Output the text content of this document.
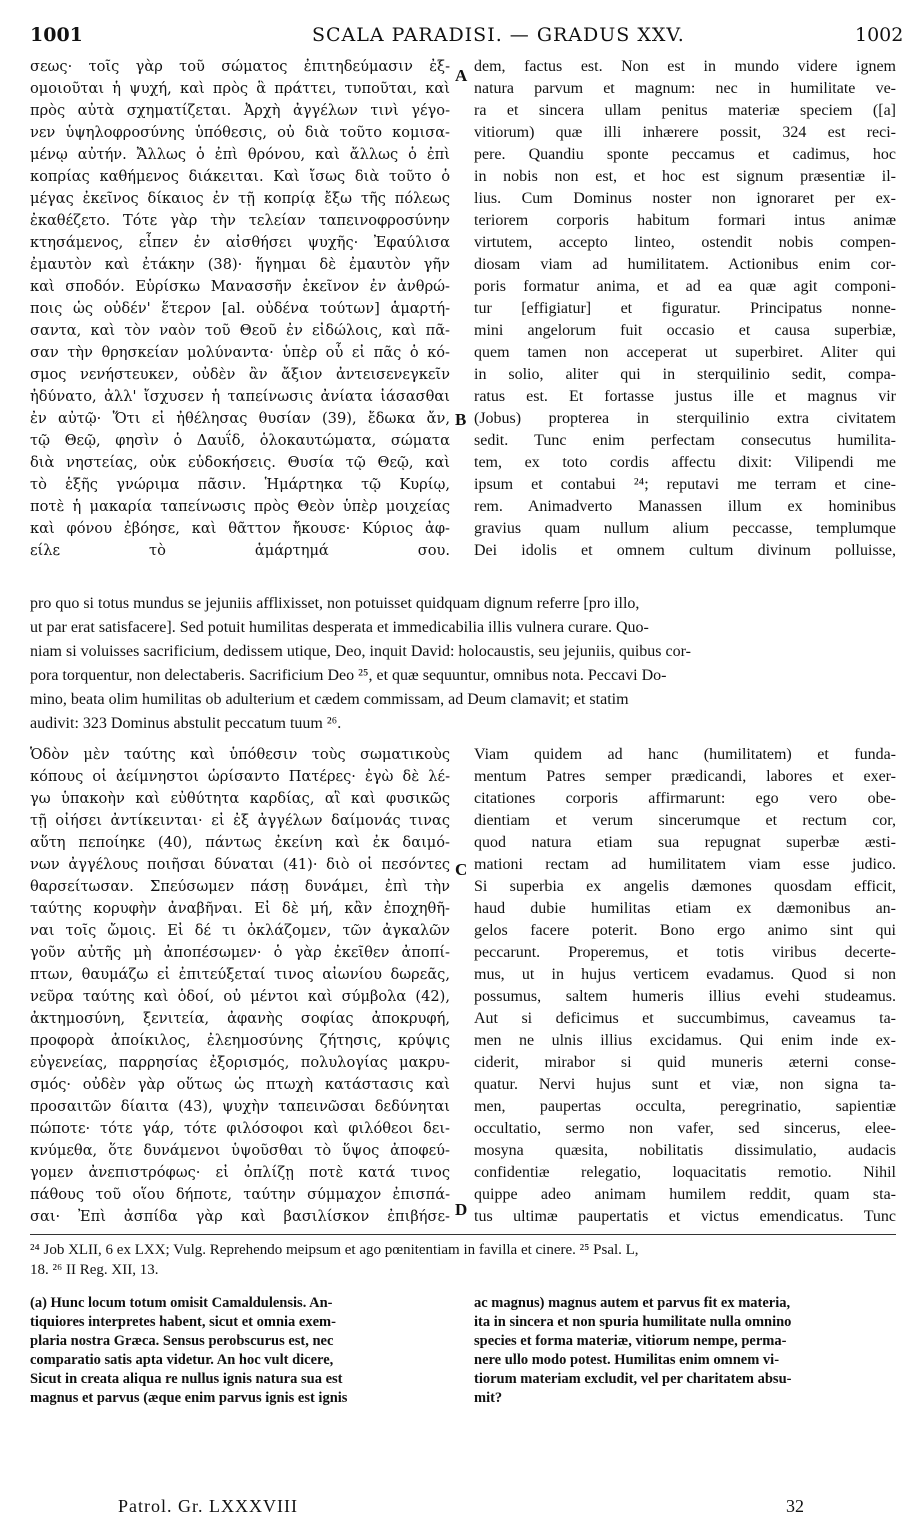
1001	SCALA PARADISI. — GRADUS XXV.	1002
σεως· τοῖς γὰρ τοῦ σώματος ἐπιτηδεύμασιν ἐξ-
ομοιοῦται ἡ ψυχή, καὶ πρὸς ἃ πράττει, τυποῦται, καὶ
πρὸς αὐτὰ σχηματίζεται. Ἀρχὴ ἀγγέλων τινὶ γέγο-
νεν ὑψηλοφροσύνης ὑπόθεσις, οὐ διὰ τοῦτο κομισα-
μένῳ αὐτήν. Ἄλλως ὁ ἐπὶ θρόνου, καὶ ἄλλως ὁ ἐπὶ
κοπρίας καθήμενος διάκειται. Καὶ ἴσως διὰ τοῦτο ὁ
μέγας ἐκεῖνος δίκαιος ἐν τῇ κοπρίᾳ ἔξω τῆς πόλεως
ἐκαθέζετο. Τότε γὰρ τὴν τελείαν ταπεινοφροσύνην
κτησάμενος, εἶπεν ἐν αἰσθήσει ψυχῆς· Ἐφαύλισα
ἐμαυτὸν καὶ ἐτάκην (38)· ἥγημαι δὲ ἐμαυτὸν γῆν
καὶ σποδόν. Εὑρίσκω Μανασσῆν ἐκεῖνον ἐν ἀνθρώ-
ποις ὡς οὐδέν' ἕτερον [al. οὐδένα τούτων] ἁμαρτή-
σαντα, καὶ τὸν ναὸν τοῦ Θεοῦ ἐν εἰδώλοις, καὶ πᾶ-
σαν τὴν θρησκείαν μολύναντα· ὑπὲρ οὗ εἰ πᾶς ὁ κό-
σμος νενήστευκεν, οὐδὲν ἂν ἄξιον ἀντεισενεγκεῖν
ἠδύνατο, ἀλλ' ἴσχυσεν ἡ ταπείνωσις ἀνίατα ἰάσασθαι
ἐν αὐτῷ· Ὅτι εἰ ἠθέλησας θυσίαν (39), ἔδωκα ἄν,
τῷ Θεῷ, φησὶν ὁ Δαυΐδ, ὁλοκαυτώματα, σώματα
διὰ νηστείας, οὐκ εὐδοκήσεις. Θυσία τῷ Θεῷ, καὶ
τὸ ἑξῆς γνώριμα πᾶσιν. Ἡμάρτηκα τῷ Κυρίῳ,
ποτὲ ἡ μακαρία ταπείνωσις πρὸς Θεὸν ὑπὲρ μοιχείας
καὶ φόνου ἐβόησε, καὶ θᾶττον ἤκουσε· Κύριος ἀφ-
είλε τὸ ἁμάρτημά σου.
dem, factus est. Non est in mundo videre ignem
natura parvum et magnum: nec in humilitate ve-
ra et sincera ullam penitus materiæ speciem ([a]
vitiorum) quæ illi inhærere possit, 324 est reci-
pere. Quandiu sponte peccamus et cadimus, hoc
in nobis non est, et hoc est signum præsentiæ il-
lius. Cum Dominus noster non ignoraret per ex-
teriorem corporis habitum formari intus animæ
virtutem, accepto linteo, ostendit nobis compen-
diosam viam ad humilitatem. Actionibus enim cor-
poris formatur anima, et ad ea quæ agit componi-
tur [effigiatur] et figuratur. Principatus nonne-
mini angelorum fuit occasio et causa superbiæ,
quem tamen non acceperat ut superbiret. Aliter qui
in solio, aliter qui in sterquilinio sedit, compa-
ratus est. Et fortasse justus ille et magnus vir
(Jobus) propterea in sterquilinio extra civitatem
sedit. Tunc enim perfectam consecutus humilita-
tem, ex toto cordis affectu dixit: Vilipendi me
ipsum et contabui ²⁴; reputavi me terram et cine-
rem. Animadverto Manassen illum ex hominibus
gravius quam nullum alium peccasse, templumque
Dei idolis et omnem cultum divinum polluisse,
A
B
C
D
pro quo si totus mundus se jejuniis afflixisset, non potuisset quidquam dignum referre [pro illo,
ut par erat satisfacere]. Sed potuit humilitas desperata et immedicabilia illis vulnera curare. Quo-
niam si voluisses sacrificium, dedissem utique, Deo, inquit David: holocaustis, seu jejuniis, quibus cor-
pora torquentur, non delectaberis. Sacrificium Deo ²⁵, et quæ sequuntur, omnibus nota. Peccavi Do-
mino, beata olim humilitas ob adulterium et cædem commissam, ad Deum clamavit; et statim
audivit: 323 Dominus abstulit peccatum tuum ²⁶.
Ὁδὸν μὲν ταύτης καὶ ὑπόθεσιν τοὺς σωματικοὺς
κόπους οἱ ἀείμνηστοι ὡρίσαντο Πατέρες· ἐγὼ δὲ λέ-
γω ὑπακοὴν καὶ εὐθύτητα καρδίας, αἳ καὶ φυσικῶς
τῇ οἰήσει ἀντίκεινται· εἰ ἐξ ἀγγέλων δαίμονάς τινας
αὕτη πεποίηκε (40), πάντως ἐκείνη καὶ ἐκ δαιμό-
νων ἀγγέλους ποιῆσαι δύναται (41)· διὸ οἱ πεσόντες
θαρσείτωσαν. Σπεύσωμεν πάσῃ δυνάμει, ἐπὶ τὴν
ταύτης κορυφὴν ἀναβῆναι. Εἰ δὲ μή, κἂν ἐποχηθῆ-
ναι τοῖς ὤμοις. Εἰ δέ τι ὀκλάζομεν, τῶν ἀγκαλῶν
γοῦν αὐτῆς μὴ ἀποπέσωμεν· ὁ γὰρ ἐκεῖθεν ἀποπί-
πτων, θαυμάζω εἰ ἐπιτεύξεταί τινος αἰωνίου δωρεᾶς,
νεῦρα ταύτης καὶ ὁδοί, οὐ μέντοι καὶ σύμβολα (42),
ἀκτημοσύνη, ξενιτεία, ἀφανὴς σοφίας ἀποκρυφή,
προφορὰ ἀποίκιλος, ἐλεημοσύνης ζήτησις, κρύψις
εὐγενείας, παρρησίας ἐξορισμός, πολυλογίας μακρυ-
σμός· οὐδὲν γὰρ οὕτως ὡς πτωχὴ κατάστασις καὶ
προσαιτῶν δίαιτα (43), ψυχὴν ταπεινῶσαι δεδύνηται
πώποτε· τότε γάρ, τότε φιλόσοφοι καὶ φιλόθεοι δει-
κνύμεθα, ὅτε δυνάμενοι ὑψοῦσθαι τὸ ὕψος ἀποφεύ-
γομεν ἀνεπιστρόφως· εἰ ὀπλίζῃ ποτὲ κατά τινος
πάθους τοῦ οἵου δήποτε, ταύτην σύμμαχον ἐπισπά-
σαι· Ἐπὶ ἀσπίδα γὰρ καὶ βασιλίσκον ἐπιβήσε-
Viam quidem ad hanc (humilitatem) et funda-
mentum Patres semper prædicandi, labores et exer-
citationes corporis affirmarunt: ego vero obe-
dientiam et verum sincerumque et rectum cor,
quod natura etiam sua repugnat superbæ æsti-
mationi rectam ad humilitatem viam esse judico.
Si superbia ex angelis dæmones quosdam efficit,
haud dubie humilitas etiam ex dæmonibus an-
gelos facere poterit. Bono ergo animo sint qui
peccarunt. Properemus, et totis viribus decerte-
mus, ut in hujus verticem evadamus. Quod si non
possumus, saltem humeris illius evehi studeamus.
Aut si deficimus et succumbimus, caveamus ta-
men ne ulnis illius excidamus. Qui enim inde ex-
ciderit, mirabor si quid muneris æterni conse-
quatur. Nervi hujus sunt et viæ, non signa ta-
men, paupertas occulta, peregrinatio, sapientiæ
occultatio, sermo non vafer, sed sincerus, elee-
mosyna quæsita, nobilitatis dissimulatio, audacis
confidentiæ relegatio, loquacitatis remotio. Nihil
quippe adeo animam humilem reddit, quam sta-
tus ultimæ paupertatis et victus emendicatus. Tunc
²⁴ Job XLII, 6 ex LXX; Vulg. Reprehendo meipsum et ago pœnitentiam in favilla et cinere. ²⁵ Psal. L,
18. ²⁶ II Reg. XII, 13.
(a) Hunc locum totum omisit Camaldulensis. An-
tiquiores interpretes habent, sicut et omnia exem-
plaria nostra Græca. Sensus perobscurus est, nec
comparatio satis apta videtur. An hoc vult dicere,
Sicut in creata aliqua re nullus ignis natura sua est
magnus et parvus (æque enim parvus ignis est ignis
ac magnus) magnus autem et parvus fit ex materia,
ita in sincera et non spuria humilitate nulla omnino
species et forma materiæ, vitiorum nempe, perma-
nere ullo modo potest. Humilitas enim omnem vi-
tiorum materiam excludit, vel per charitatem absu-
mit?
Patrol. Gr. LXXXVIII	32
